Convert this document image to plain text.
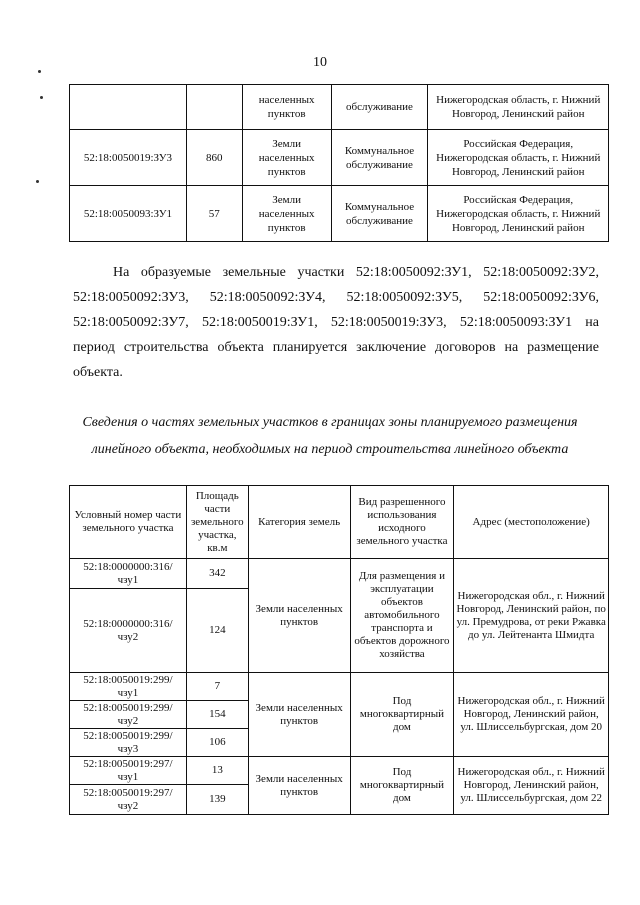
10
		населенных пунктов	обслуживание	Нижегородская область, г. Нижний Новгород, Ленинский район
52:18:0050019:ЗУ3	860	Земли населенных пунктов	Коммунальное обслуживание	Российская Федерация, Нижегородская область, г. Нижний Новгород, Ленинский район
52:18:0050093:ЗУ1	57	Земли населенных пунктов	Коммунальное обслуживание	Российская Федерация, Нижегородская область, г. Нижний Новгород, Ленинский район
На образуемые земельные участки 52:18:0050092:ЗУ1, 52:18:0050092:ЗУ2, 52:18:0050092:ЗУ3, 52:18:0050092:ЗУ4, 52:18:0050092:ЗУ5, 52:18:0050092:ЗУ6, 52:18:0050092:ЗУ7, 52:18:0050019:ЗУ1, 52:18:0050019:ЗУ3, 52:18:0050093:ЗУ1 на период строительства объекта планируется заключение договоров на размещение объекта.
Сведения о частях земельных участков в границах зоны планируемого размещения линейного объекта, необходимых на период строительства линейного объекта
Условный номер части земельного участка	Площадь части земельного участка, кв.м	Категория земель	Вид разрешенного использования исходного земельного участка	Адрес (местоположение)
52:18:0000000:316/ чзу1	342	Земли населенных пунктов	Для размещения и эксплуатации объектов автомобильного транспорта и объектов дорожного хозяйства	Нижегородская обл., г. Нижний Новгород, Ленинский район, по ул. Премудрова, от реки Ржавка до ул. Лейтенанта Шмидта
52:18:0000000:316/ чзу2	124			
52:18:0050019:299/ чзу1	7	Земли населенных пунктов	Под многоквартирный дом	Нижегородская обл., г. Нижний Новгород, Ленинский район, ул. Шлиссельбургская, дом 20
52:18:0050019:299/ чзу2	154			
52:18:0050019:299/ чзу3	106			
52:18:0050019:297/ чзу1	13	Земли населенных пунктов	Под многоквартирный дом	Нижегородская обл., г. Нижний Новгород, Ленинский район, ул. Шлиссельбургская, дом 22
52:18:0050019:297/ чзу2	139			
